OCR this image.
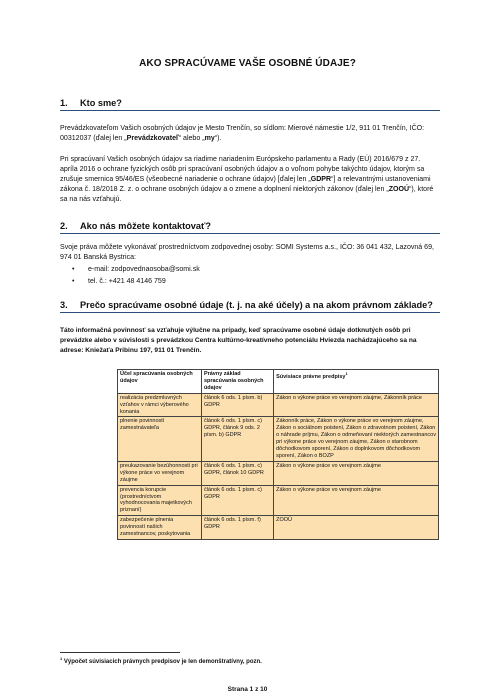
AKO SPRACÚVAME VAŠE OSOBNÉ ÚDAJE?
1. Kto sme?
Prevádzkovateľom Vašich osobných údajov je Mesto Trenčín, so sídlom: Mierové námestie 1/2, 911 01 Trenčín, IČO: 00312037 (ďalej len „Prevádzkovateľ“ alebo „my“).
Pri spracúvaní Vašich osobných údajov sa riadime nariadením Európskeho parlamentu a Rady (EÚ) 2016/679 z 27. apríla 2016 o ochrane fyzických osôb pri spracúvaní osobných údajov a o voľnom pohybe takýchto údajov, ktorým sa zrušuje smernica 95/46/ES (všeobecné nariadenie o ochrane údajov) [ďalej len „GDPR“] a relevantnými ustanoveniami zákona č. 18/2018 Z. z. o ochrane osobných údajov a o zmene a doplnení niektorých zákonov (ďalej len „ZOOÚ“), ktoré sa na nás vzťahujú.
2. Ako nás môžete kontaktovať?
Svoje práva môžete vykonávať prostredníctvom zodpovednej osoby: SOMI Systems a.s., IČO: 36 041 432, Lazovná 69, 974 01 Banská Bystrica:
• e-mail: zodpovednaosoba@somi.sk
• tel. č.: +421 48 4146 759
3. Prečo spracúvame osobné údaje (t. j. na aké účely) a na akom právnom základe?
Táto informačná povinnosť sa vzťahuje výlučne na prípady, keď spracúvame osobné údaje dotknutých osôb pri prevádzke alebo v súvislosti s prevádzkou Centra kultúrno-kreatívneho potenciálu Hviezda nachádzajúceho sa na adrese: Kniežaťa Pribinu 197, 911 01 Trenčín.
Účel spracúvania osobných údajov	Právny základ spracúvania osobných údajov	Súvisiace právne predpisy$^1$
realizácia predzmluvných vzťahov v rámci výberového konania	článok 6 ods. 1 písm. b) GDPR	Zákon o výkone práce vo verejnom záujme, Zákonník práce
plnenie povinností zamestnávateľa	článok 6 ods. 1 písm. c) GDPR, článok 9 ods. 2 písm. b) GDPR	Zákonník práce, Zákon o výkone práce vo verejnom záujme, Zákon o sociálnom poistení, Zákon o zdravotnom poistení, Zákon o náhrade príjmu, Zákon o odmeňovaní niektorých zamestnancov pri výkone práce vo verejnom záujme, Zákon o starobnom dôchodkovom sporení, Zákon o doplnkovom dôchodkovom sporení, Zákon o BOZP
preukazovanie bezúhonnosti pri výkone práce vo verejnom záujme	článok 6 ods. 1 písm. c) GDPR, článok 10 GDPR	Zákon o výkone práce vo verejnom záujme
prevencia korupcie (prostredníctvom vyhodnocovania majetkových priznaní)	článok 6 ods. 1 písm. c) GDPR	Zákon o výkone práce vo verejnom záujme
zabezpečenie plnenia povinností našich zamestnancov, poskytovania	článok 6 ods. 1 písm. f) GDPR	ZOOÚ
$^1$ Výpočet súvisiacich právnych predpisov je len demonštratívny, pozn.
Strana 1 z 10
